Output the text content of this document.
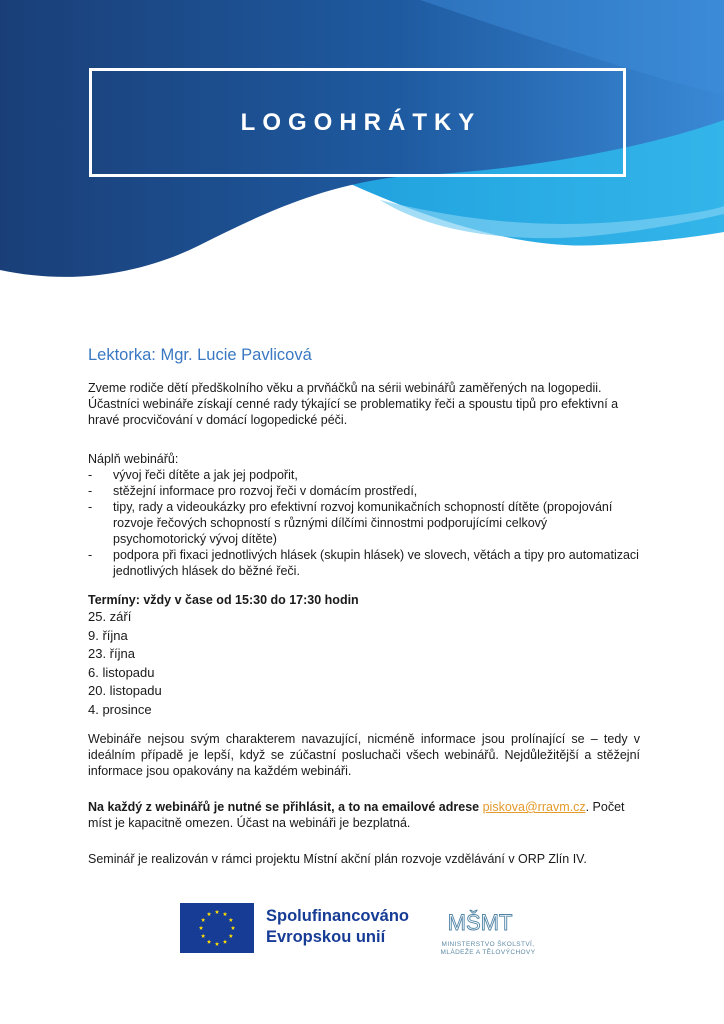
LOGOHRÁTKY
Lektorka: Mgr. Lucie Pavlicová
Zveme rodiče dětí předškolního věku a prvňáčků na sérii webinářů zaměřených na logopedii. Účastníci webináře získají cenné rady týkající se problematiky řeči a spoustu tipů pro efektivní a hravé procvičování v domácí logopedické péči.
Náplň webinářů:
- vývoj řeči dítěte a jak jej podpořit,
- stěžejní informace pro rozvoj řeči v domácím prostředí,
- tipy, rady a videoukázky pro efektivní rozvoj komunikačních schopností dítěte (propojování rozvoje řečových schopností s různými dílčími činnostmi podporujícími celkový psychomotorický vývoj dítěte)
- podpora při fixaci jednotlivých hlásek (skupin hlásek) ve slovech, větách a tipy pro automatizaci jednotlivých hlásek do běžné řeči.
Termíny: vždy v čase od 15:30 do 17:30 hodin
25. září
9. října
23. října
6. listopadu
20. listopadu
4. prosince
Webináře nejsou svým charakterem navazující, nicméně informace jsou prolínající se – tedy v ideálním případě je lepší, když se zúčastní posluchači všech webinářů. Nejdůležitější a stěžejní informace jsou opakovány na každém webináři.
Na každý z webinářů je nutné se přihlásit, a to na emailové adrese piskova@rravm.cz. Počet míst je kapacitně omezen. Účast na webináři je bezplatná.
Seminář je realizován v rámci projektu Místní akční plán rozvoje vzdělávání v ORP Zlín IV.
Spolufinancováno
Evropskou unií
MŠMT
MINISTERSTVO ŠKOLSTVÍ,
MLÁDEŽE A TĚLOVÝCHOVY
